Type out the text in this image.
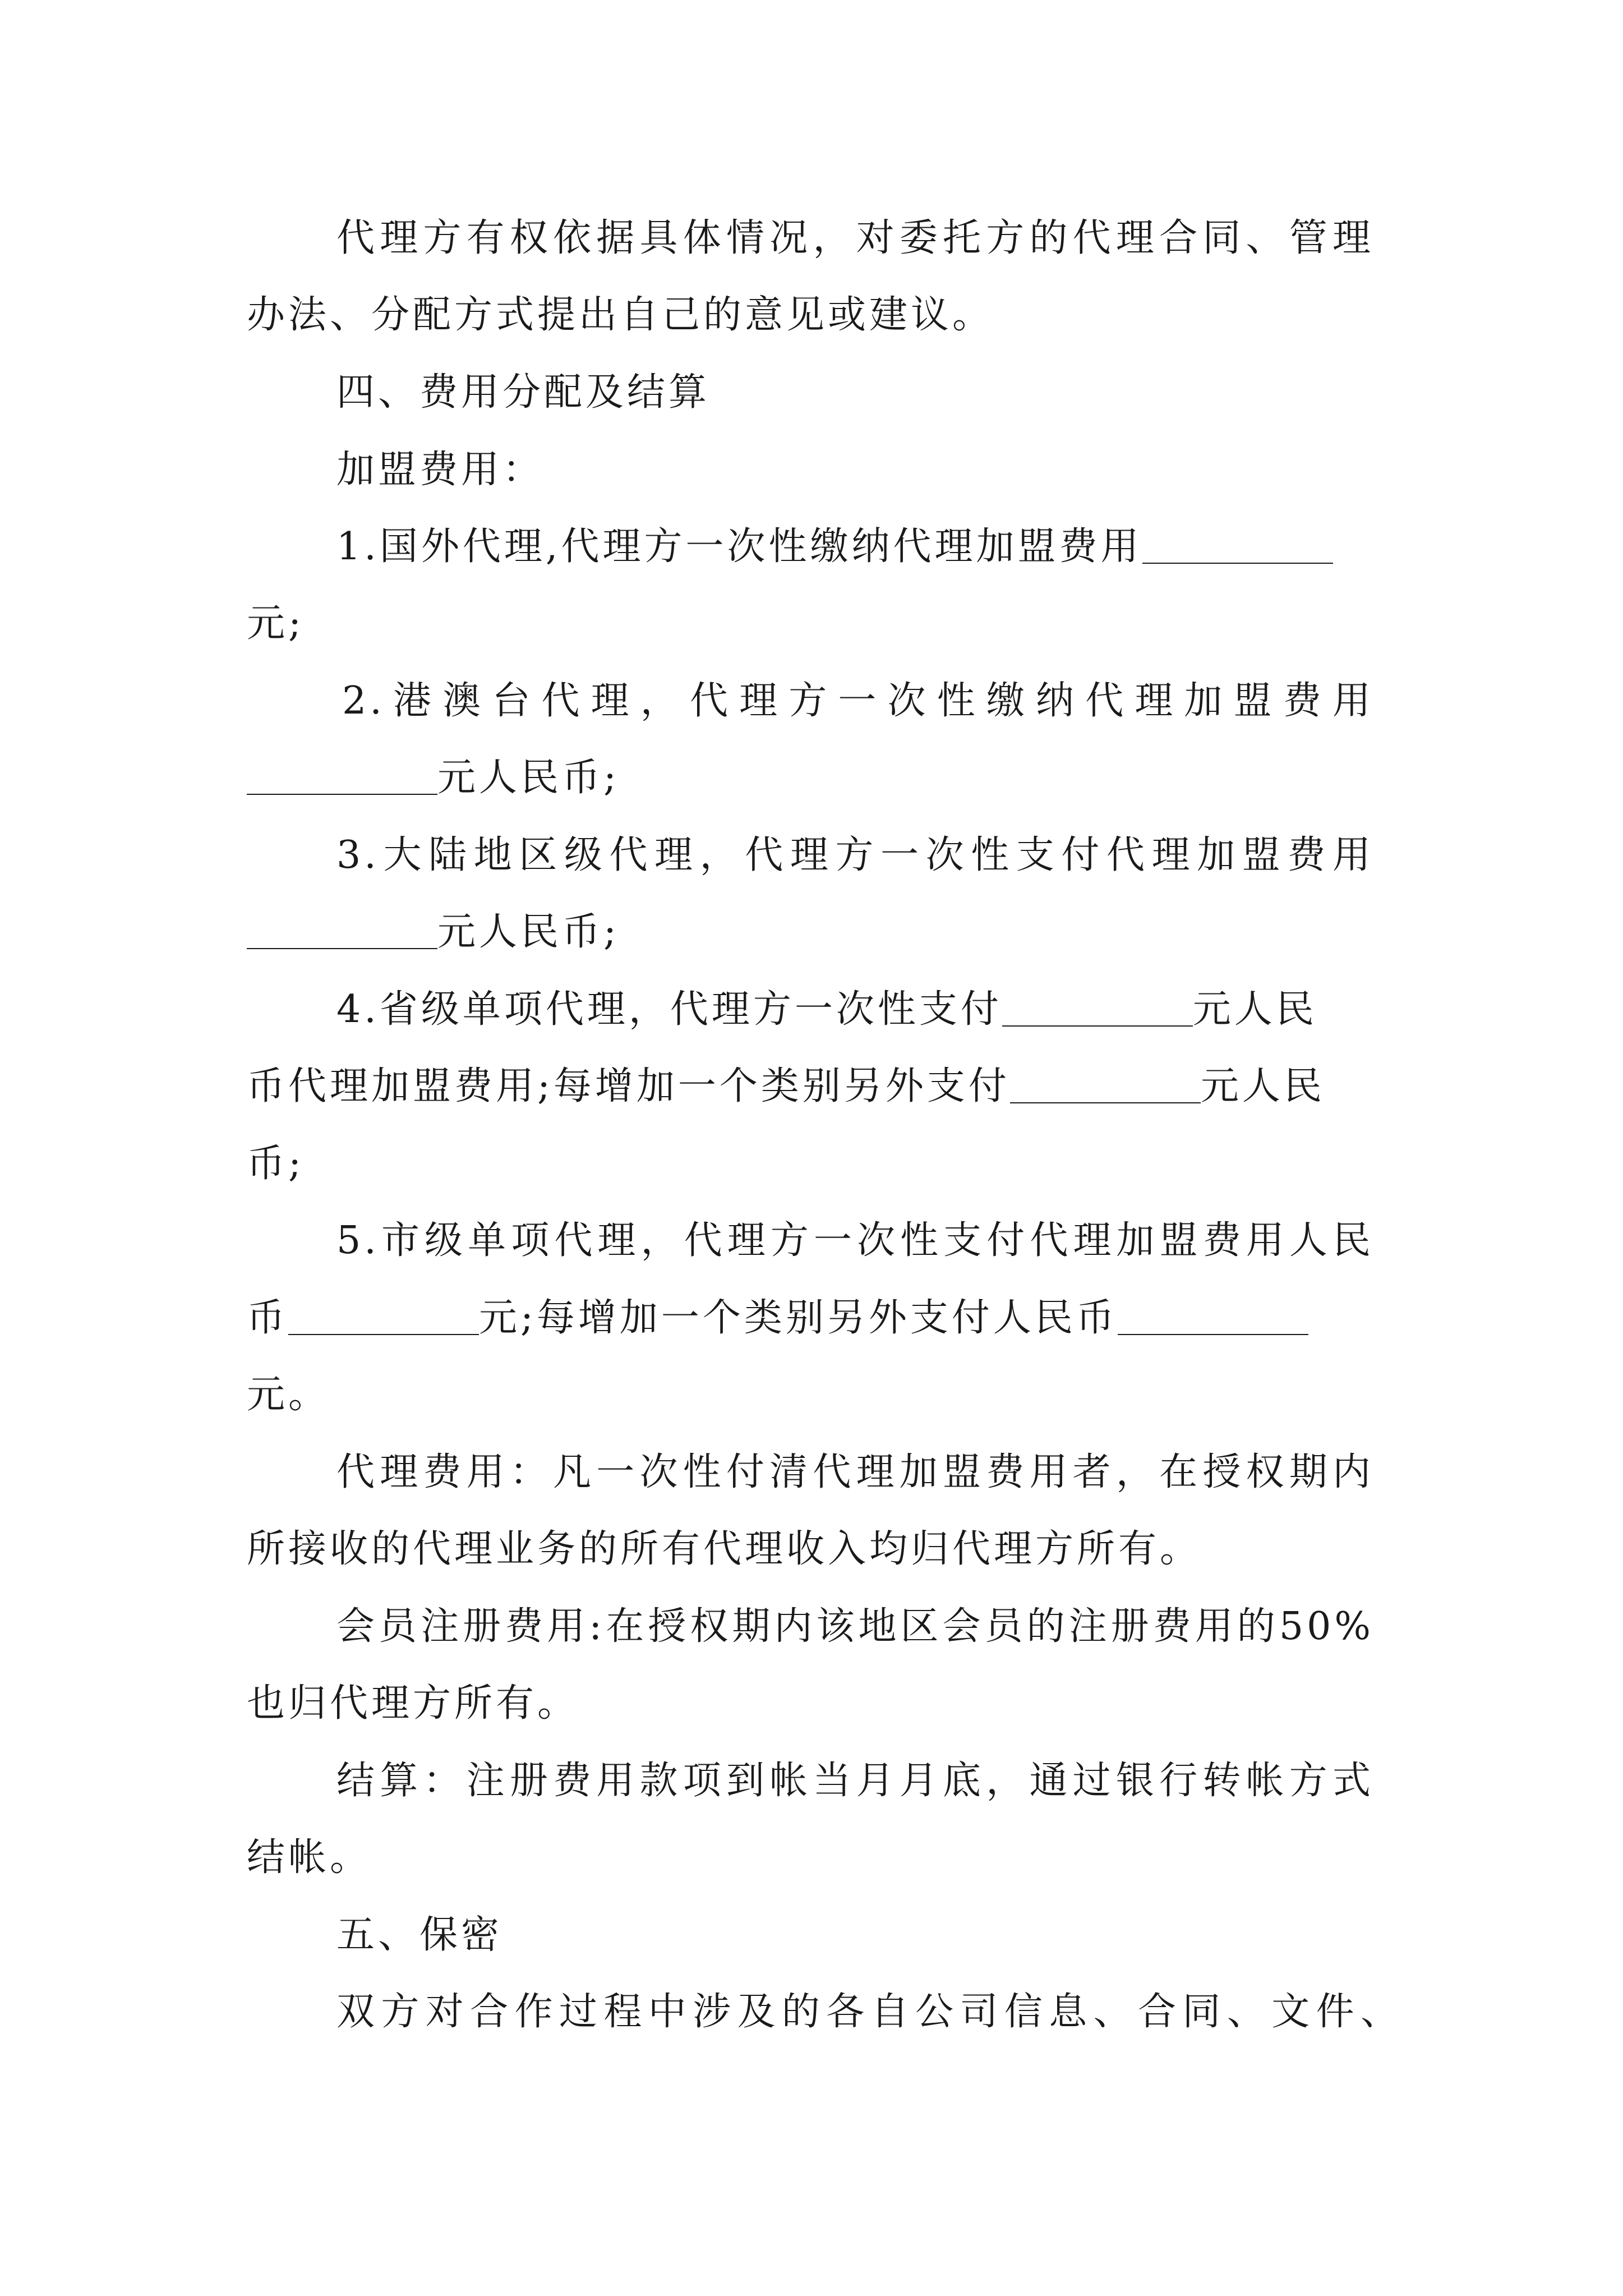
代理方有权依据具体情况，对委托方的代理合同、管理
办法、分配方式提出自己的意见或建议。
四、费用分配及结算
加盟费用：
1.国外代理,代理方一次性缴纳代理加盟费用
元;
2.港澳台代理，代理方一次性缴纳代理加盟费用
元人民币;
3.大陆地区级代理，代理方一次性支付代理加盟费用
元人民币;
4.省级单项代理，代理方一次性支付	元人民
币代理加盟费用;每增加一个类别另外支付	元人民
币;
5.市级单项代理，代理方一次性支付代理加盟费用人民
币	元;每增加一个类别另外支付人民币
元。
代理费用：凡一次性付清代理加盟费用者，在授权期内
所接收的代理业务的所有代理收入均归代理方所有。
会员注册费用:在授权期内该地区会员的注册费用的50%
也归代理方所有。
结算：注册费用款项到帐当月月底，通过银行转帐方式
结帐。
五、保密
双方对合作过程中涉及的各自公司信息、合同、文件、
